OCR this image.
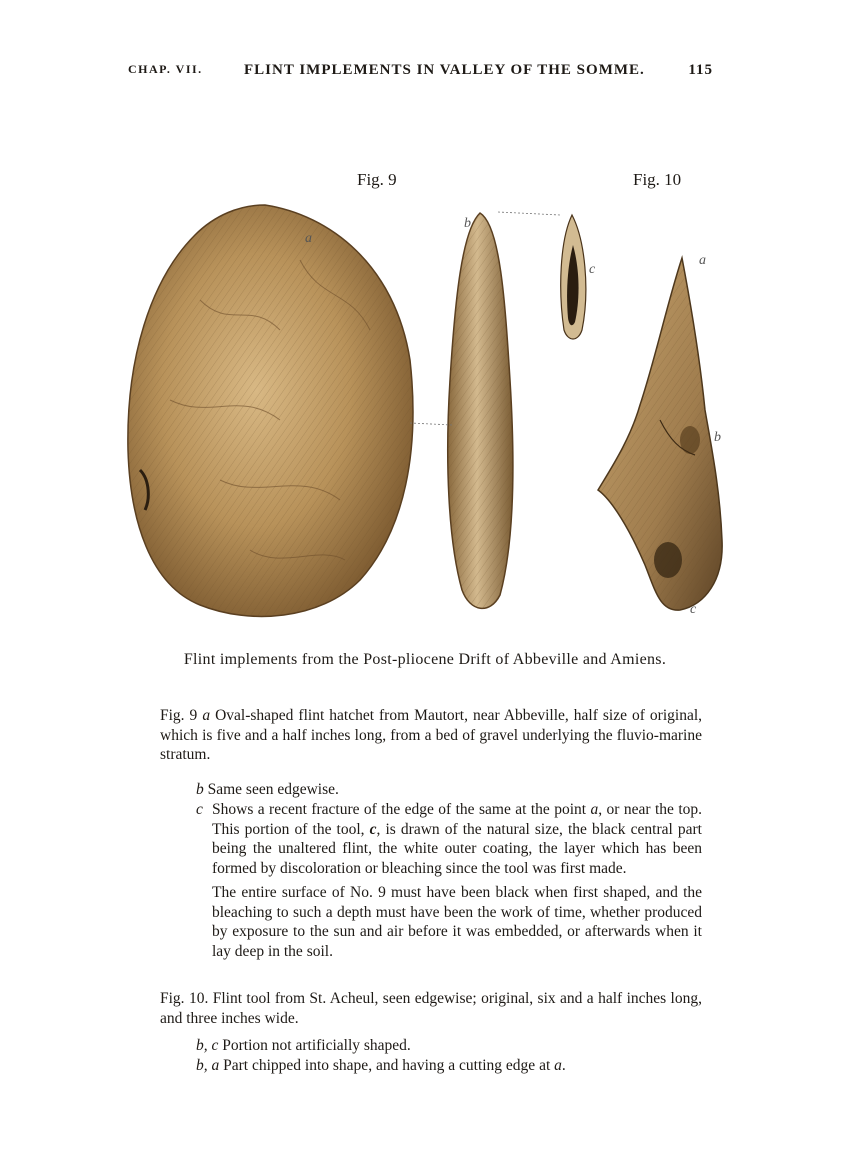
CHAP. VII.	FLINT IMPLEMENTS IN VALLEY OF THE SOMME.	115
Fig. 9	Fig. 10
a
b
c
a
b
c
Flint implements from the Post-pliocene Drift of Abbeville and Amiens.

Fig. 9 a Oval-shaped flint hatchet from Mautort, near Abbeville, half size of original, which is five and a half inches long, from a bed of gravel underlying the fluvio-marine stratum.

b Same seen edgewise.
c Shows a recent fracture of the edge of the same at the point a, or near the top. This portion of the tool, c, is drawn of the natural size, the black central part being the unaltered flint, the white outer coating, the layer which has been formed by discoloration or bleaching since the tool was first made.
The entire surface of No. 9 must have been black when first shaped, and the bleaching to such a depth must have been the work of time, whether produced by exposure to the sun and air before it was embedded, or afterwards when it lay deep in the soil.
Fig. 10. Flint tool from St. Acheul, seen edgewise; original, six and a half inches long, and three inches wide.
b, c Portion not artificially shaped.
b, a Part chipped into shape, and having a cutting edge at a.
